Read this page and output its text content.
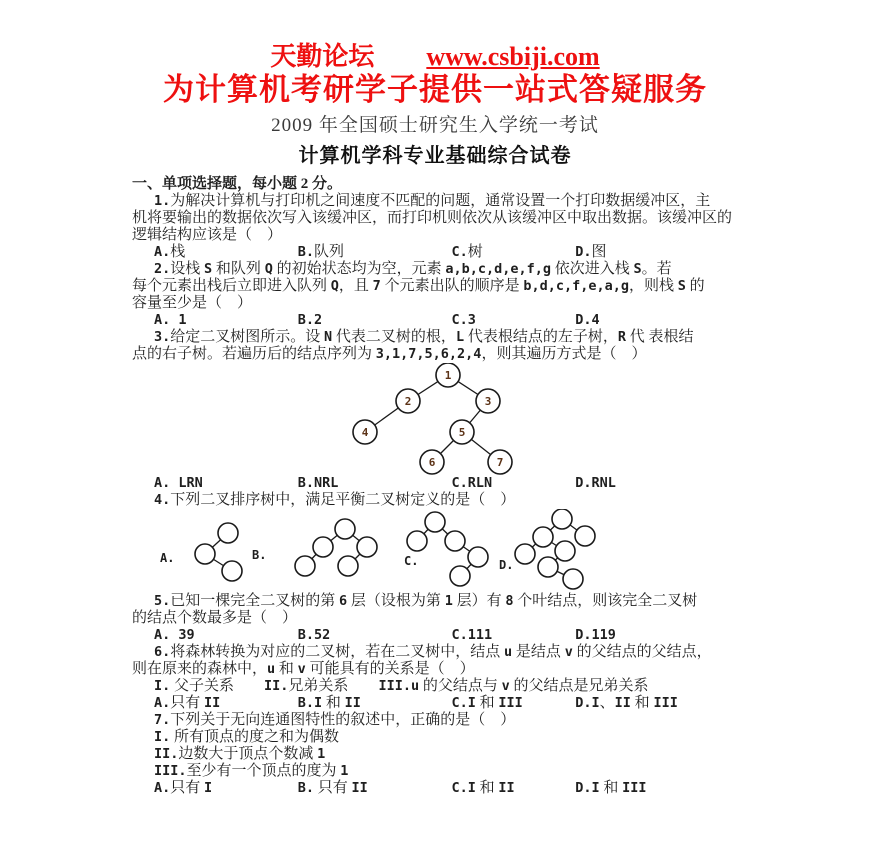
天勤论坛 www.csbiji.com
为计算机考研学子提供一站式答疑服务
2009 年全国硕士研究生入学统一考试
计算机学科专业基础综合试卷
一、单项选择题，每小题 2 分。
1.为解决计算机与打印机之间速度不匹配的问题，通常设置一个打印数据缓冲区，主
机将要输出的数据依次写入该缓冲区，而打印机则依次从该缓冲区中取出数据。该缓冲区的
逻辑结构应该是（　）
A.栈	B.队列	C.树	D.图
2.设栈 S 和队列 Q 的初始状态均为空，元素 a,b,c,d,e,f,g 依次进入栈 S。若
每个元素出栈后立即进入队列 Q，且 7 个元素出队的顺序是 b,d,c,f,e,a,g，则栈 S 的
容量至少是（　）
A. 1	B.2	C.3	D.4
3.给定二叉树图所示。设 N 代表二叉树的根，L 代表根结点的左子树，R 代 表根结
点的右子树。若遍历后的结点序列为 3,1,7,5,6,2,4，则其遍历方式是（　）
1
2	3
4	5
6	7
A. LRN	B.NRL	C.RLN	D.RNL
4.下列二叉排序树中，满足平衡二叉树定义的是（　）
A.	B.	C.	D.
5.已知一棵完全二叉树的第 6 层（设根为第 1 层）有 8 个叶结点，则该完全二叉树
的结点个数最多是（　）
A. 39	B.52	C.111	D.119
6.将森林转换为对应的二叉树，若在二叉树中，结点 u 是结点 v 的父结点的父结点，
则在原来的森林中，u 和 v 可能具有的关系是（　）
I. 父子关系　　II.兄弟关系　　III.u 的父结点与 v 的父结点是兄弟关系
A.只有 II	B.I 和 II	C.I 和 III	D.I、II 和 III
7.下列关于无向连通图特性的叙述中，正确的是（　）
I. 所有顶点的度之和为偶数
II.边数大于顶点个数减 1
III.至少有一个顶点的度为 1
A.只有 I	B. 只有 II	C.I 和 II	D.I 和 III
